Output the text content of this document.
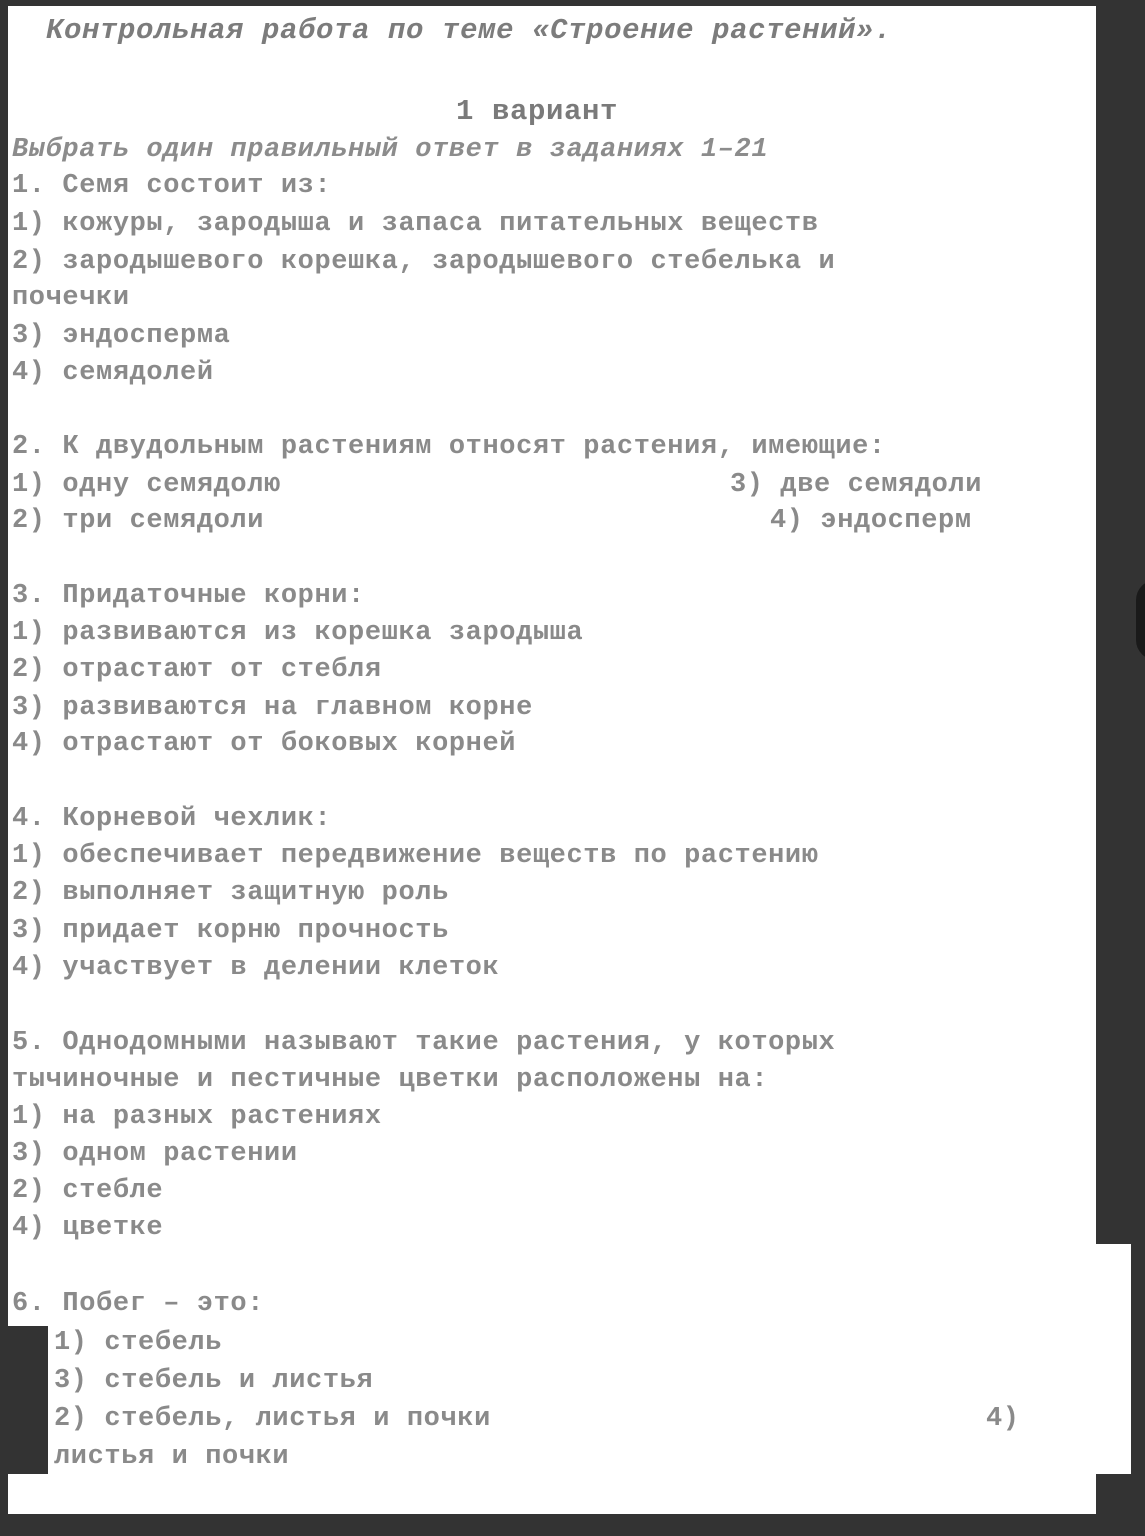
Контрольная работа по теме «Строение растений».
1 вариант
Выбрать один правильный ответ в заданиях 1–21
1. Семя состоит из:
1) кожуры, зародыша и запаса питательных веществ
2) зародышевого корешка, зародышевого стебелька и
почечки
3) эндосперма
4) семядолей
2. К двудольным растениям относят растения, имеющие:
1) одну семядолю	3) две семядоли
2) три семядоли	4) эндосперм
3. Придаточные корни:
1) развиваются из корешка зародыша
2) отрастают от стебля
3) развиваются на главном корне
4) отрастают от боковых корней
4. Корневой чехлик:
1) обеспечивает передвижение веществ по растению
2) выполняет защитную роль
3) придает корню прочность
4) участвует в делении клеток
5. Однодомными называют такие растения, у которых
тычиночные и пестичные цветки расположены на:
1) на разных растениях
3) одном растении
2) стебле
4) цветке
6. Побег – это:
1) стебель
3) стебель и листья
2) стебель, листья и почки	4)
листья и почки
